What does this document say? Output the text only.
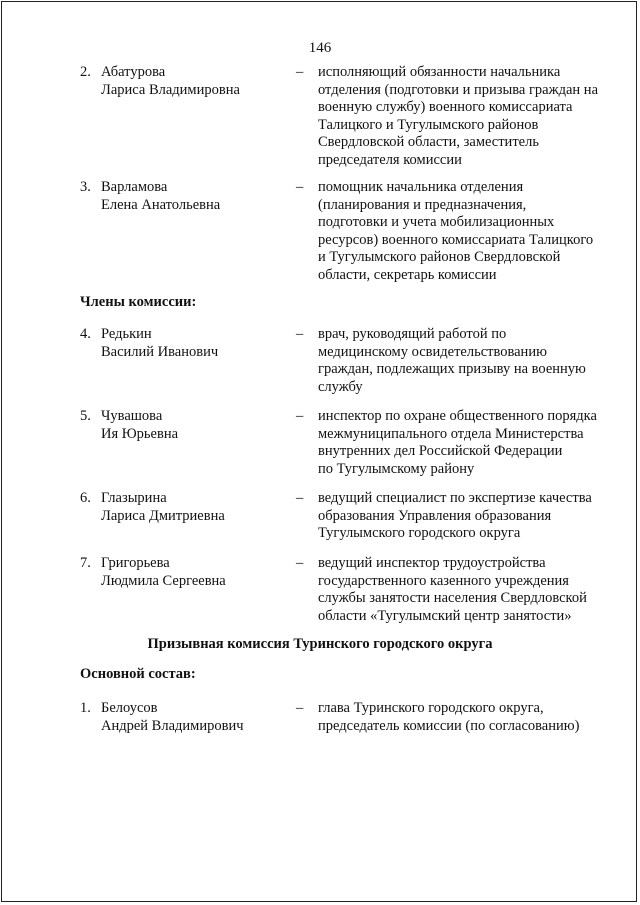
146
2. Абатурова
Лариса Владимировна
– исполняющий обязанности начальника
отделения (подготовки и призыва граждан на
военную службу) военного комиссариата
Талицкого и Тугулымского районов
Свердловской области, заместитель
председателя комиссии
3. Варламова
Елена Анатольевна
– помощник начальника отделения
(планирования и предназначения,
подготовки и учета мобилизационных
ресурсов) военного комиссариата Талицкого
и Тугулымского районов Свердловской
области, секретарь комиссии
Члены комиссии:
4. Редькин
Василий Иванович
– врач, руководящий работой по
медицинскому освидетельствованию
граждан, подлежащих призыву на военную
службу
5. Чувашова
Ия Юрьевна
– инспектор по охране общественного порядка
межмуниципального отдела Министерства
внутренних дел Российской Федерации
по Тугулымскому району
6. Глазырина
Лариса Дмитриевна
– ведущий специалист по экспертизе качества
образования Управления образования
Тугулымского городского округа
7. Григорьева
Людмила Сергеевна
– ведущий инспектор трудоустройства
государственного казенного учреждения
службы занятости населения Свердловской
области «Тугулымский центр занятости»
Призывная комиссия Туринского городского округа
Основной состав:
1. Белоусов
Андрей Владимирович
– глава Туринского городского округа,
председатель комиссии (по согласованию)
